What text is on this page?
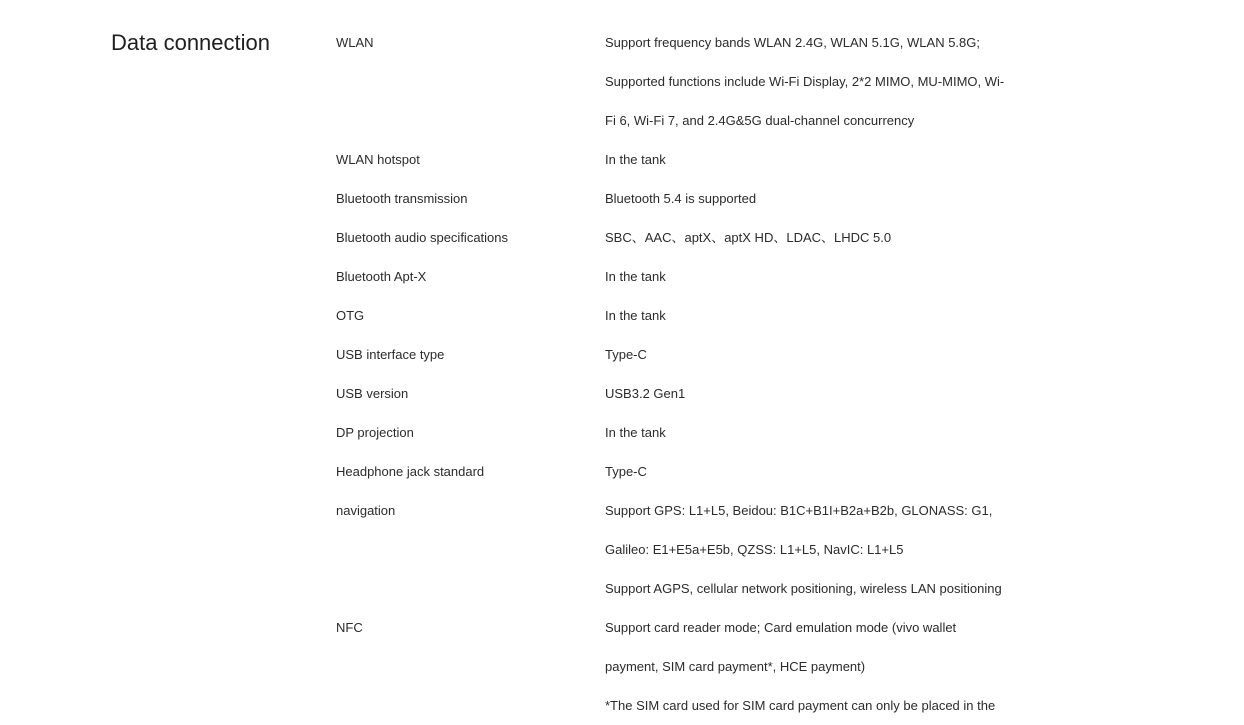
Data connection	WLAN	Support frequency bands WLAN 2.4G, WLAN 5.1G, WLAN 5.8G;
Supported functions include Wi-Fi Display, 2*2 MIMO, MU-MIMO, Wi-
Fi 6, Wi-Fi 7, and 2.4G&5G dual-channel concurrency
WLAN hotspot	In the tank
Bluetooth transmission	Bluetooth 5.4 is supported
Bluetooth audio specifications	SBC、AAC、aptX、aptX HD、LDAC、LHDC 5.0
Bluetooth Apt-X	In the tank
OTG	In the tank
USB interface type	Type-C
USB version	USB3.2 Gen1
DP projection	In the tank
Headphone jack standard	Type-C
navigation	Support GPS: L1+L5, Beidou: B1C+B1I+B2a+B2b, GLONASS: G1,
Galileo: E1+E5a+E5b, QZSS: L1+L5, NavIC: L1+L5
Support AGPS, cellular network positioning, wireless LAN positioning
NFC	Support card reader mode; Card emulation mode (vivo wallet
payment, SIM card payment*, HCE payment)
*The SIM card used for SIM card payment can only be placed in the
